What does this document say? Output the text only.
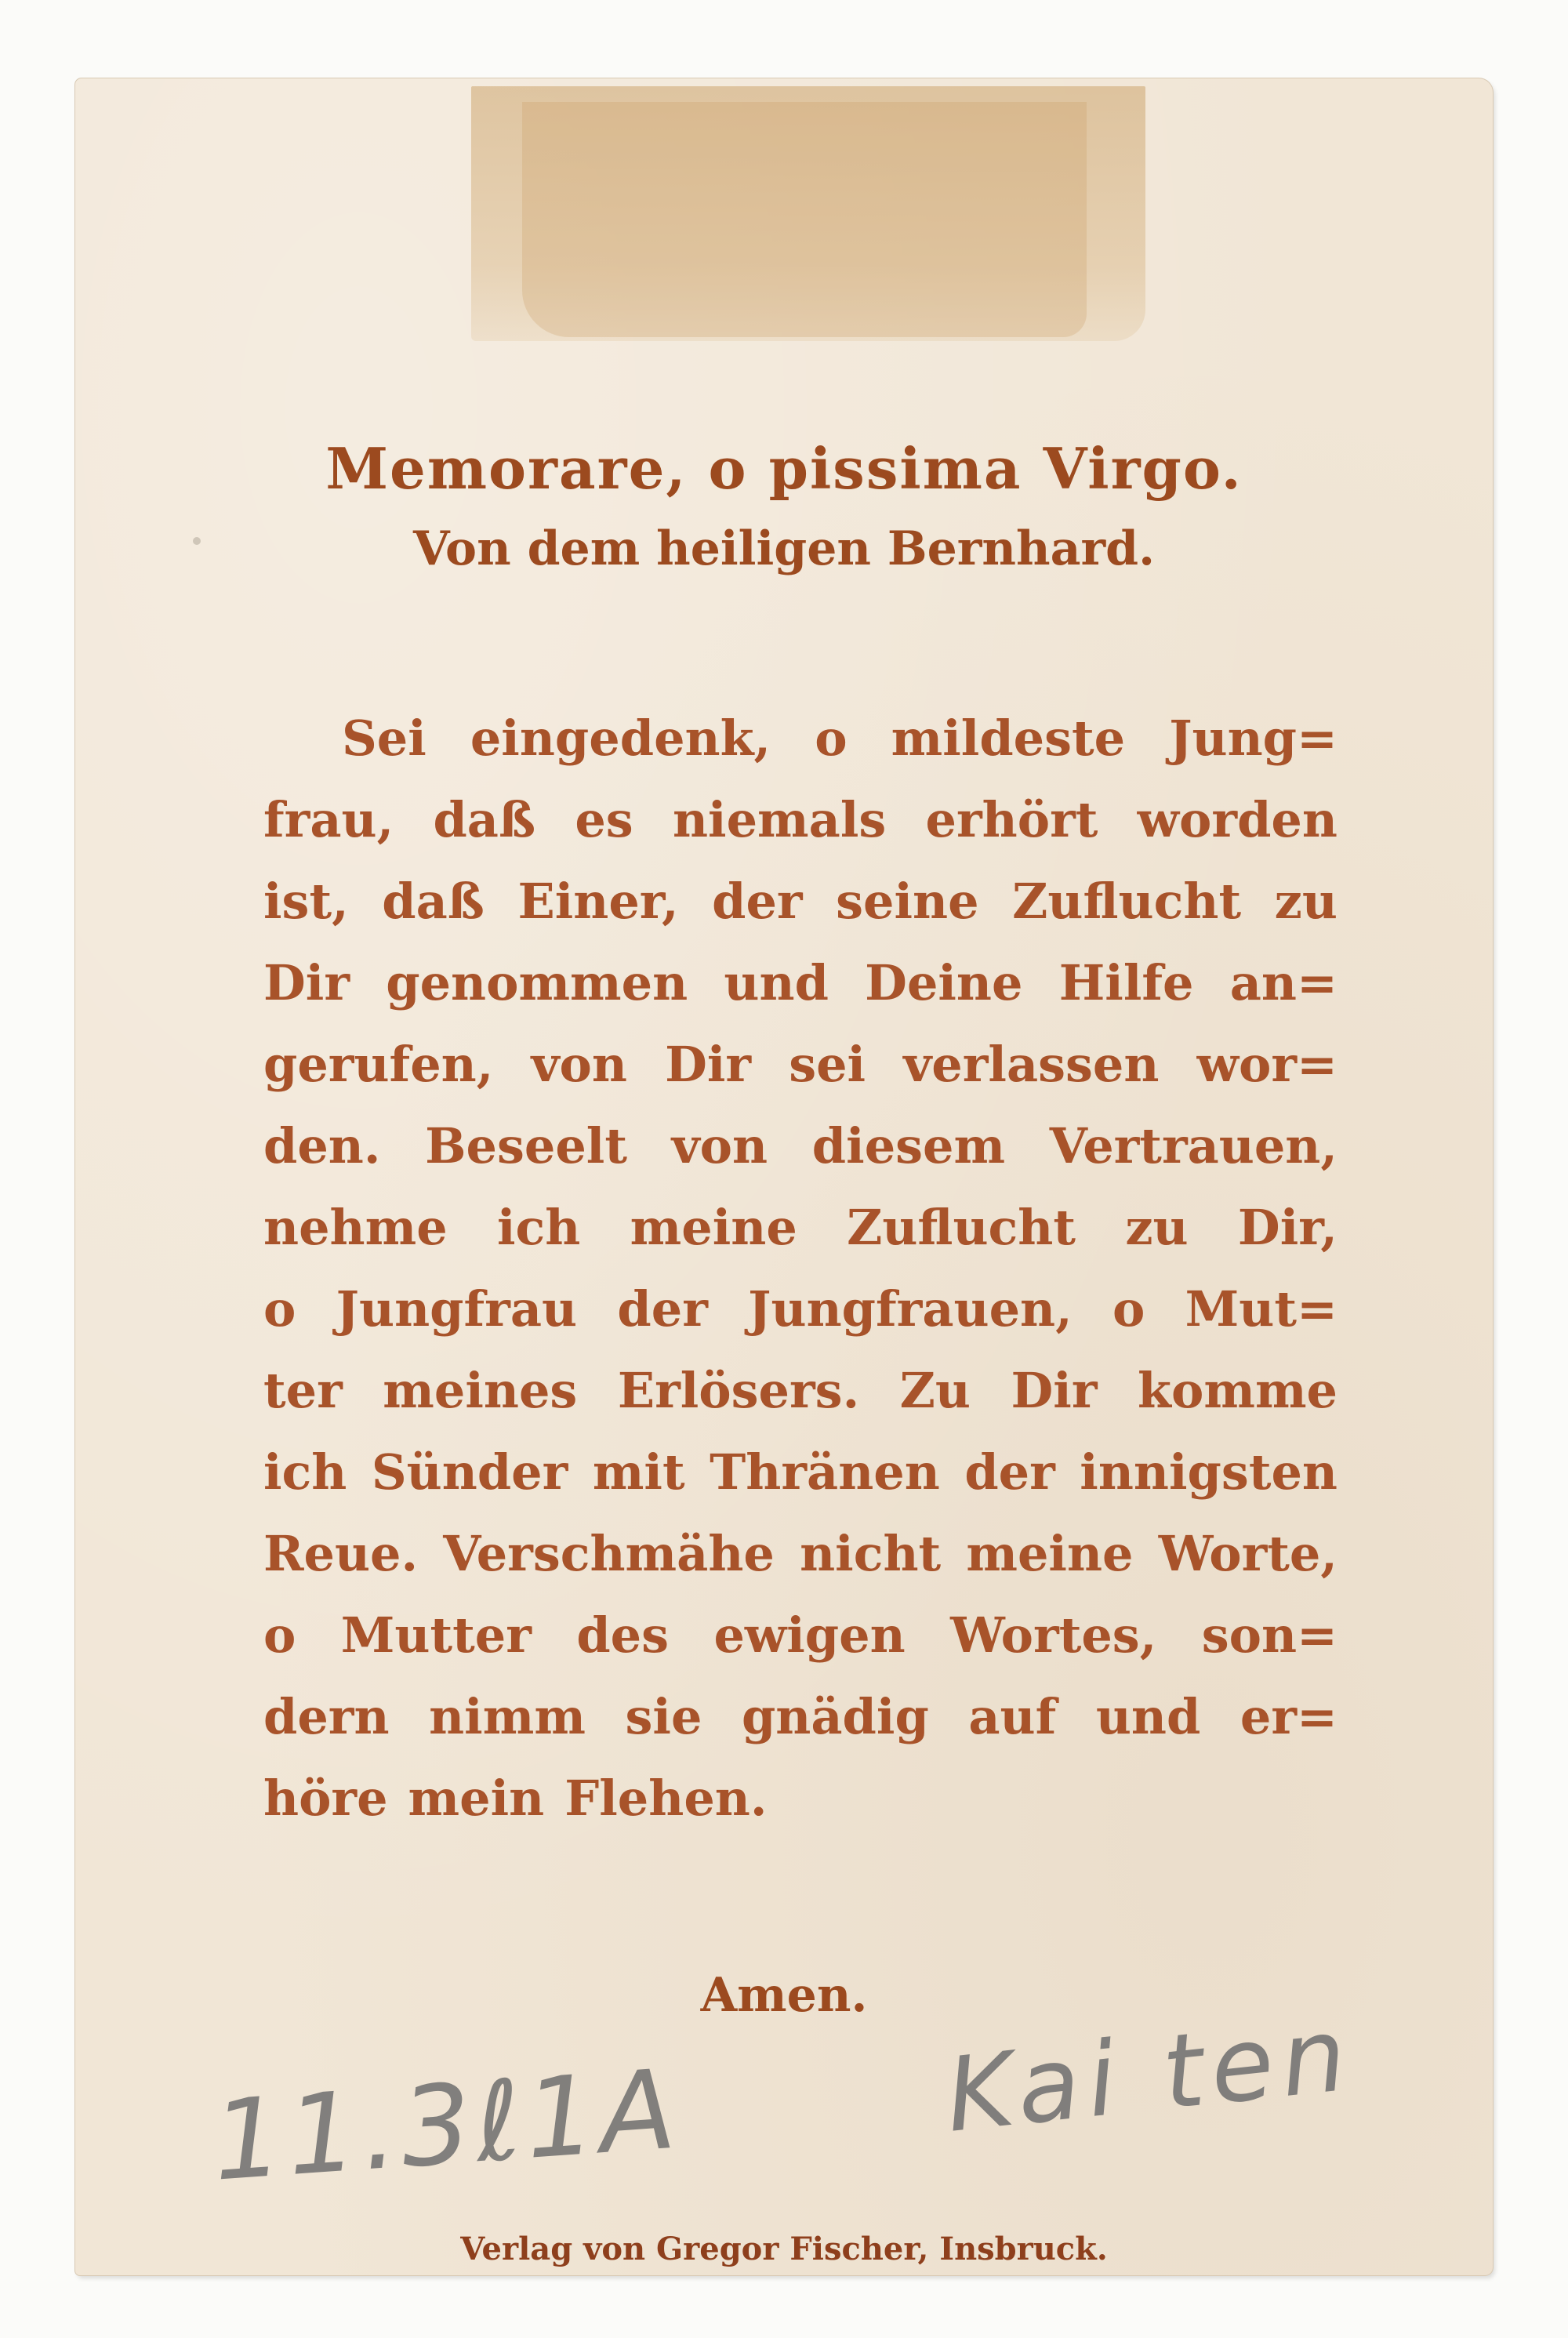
Memorare, o pissima Virgo.
Von dem heiligen Bernhard.
Sei eingedenk, o mildeste Jung=
frau, daß es niemals erhört worden
ist, daß Einer, der seine Zuflucht zu
Dir genommen und Deine Hilfe an=
gerufen, von Dir sei verlassen wor=
den. Beseelt von diesem Vertrauen,
nehme ich meine Zuflucht zu Dir,
o Jungfrau der Jungfrauen, o Mut=
ter meines Erlösers. Zu Dir komme
ich Sünder mit Thränen der innigsten
Reue. Verschmähe nicht meine Worte,
o Mutter des ewigen Wortes, son=
dern nimm sie gnädig auf und er=
höre mein Flehen.
Amen.
11.3ℓ1A	Kai ten
Verlag von Gregor Fischer, Insbruck.
